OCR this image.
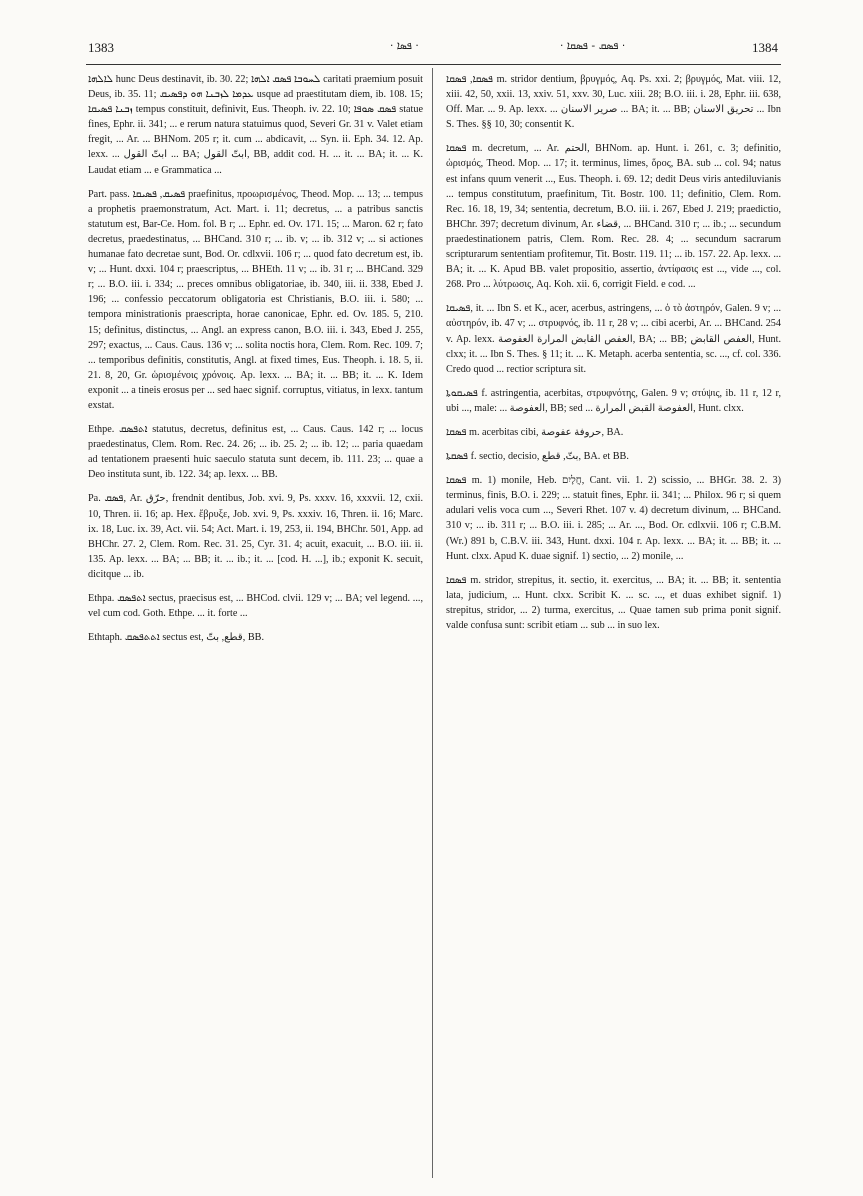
1383	· ܦܣܐ ·	· ܦܣܩ - ܦܣܩܐ ·	1384

ܠܐܠܗܐ hunc Deus destinavit, ib. 30. 22; ܠܚܘܒܐ ܦܣܩ ܐܠܗܐ caritati praemium posuit Deus, ib. 35. 11; ܥܕܡܐ ܠܙܒܢܐ ܗܘ ܕܦܣܝܩ usque ad praestitutam diem, ib. 108. 15; ܙܒܢܐ ܦܣܝܩܐ tempus constituit, definivit, Eus. Theoph. iv. 22. 10; ܦܣܩ ܣܘܦܐ statue fines, Ephr. ii. 341; ... e rerum natura statuimus quod, Severi Gr. 31 v. Valet etiam fregit, ... Ar. ... BHNom. 205 r; it. cum ... abdicavit, ... Syn. ii. Eph. 34. 12. Ap. lexx. ... ابتّ القول ... BA; ابتّ القول, BB, addit cod. H. ... it. ... BA; it. ... K. Laudat etiam ... e Grammatica ...

Part. pass. ܦܣܝܩ, ܦܣܝܩܐ praefinitus, προωρισμένος, Theod. Mop. ... 13; ... tempus a prophetis praemonstratum, Act. Mart. i. 11; decretus, ... a patribus sanctis statutum est, Bar-Ce. Hom. fol. B r; ... Ephr. ed. Ov. 171. 15; ... Maron. 62 r; fato decretus, praedestinatus, ... BHCand. 310 r; ... ib. v; ... ib. 312 v; ... si actiones humanae fato decretae sunt, Bod. Or. cdlxvii. 106 r; ... quod fato decretum est, ib. v; ... Hunt. dxxi. 104 r; praescriptus, ... BHEth. 11 v; ... ib. 31 r; ... BHCand. 329 r; ... B.O. iii. i. 334; ... preces omnibus obligatoriae, ib. 340, iii. ii. 338, Ebed J. 196; ... confessio peccatorum obligatoria est Christianis, B.O. iii. i. 580; ... tempora ministrationis praescripta, horae canonicae, Ephr. ed. Ov. 185. 5, 210. 15; definitus, distinctus, ... Angl. an express canon, B.O. iii. i. 343, Ebed J. 255, 297; exactus, ... Caus. Caus. 136 v; ... solita noctis hora, Clem. Rom. Rec. 109. 7; ... temporibus definitis, constitutis, Angl. at fixed times, Eus. Theoph. i. 18. 5, ii. 21. 8, 20, Gr. ὡρισμένοις χρόνοις. Ap. lexx. ... BA; it. ... BB; it. ... K. Idem exponit ... a tineis erosus per ... sed haec signif. corruptus, vitiatus, in lexx. tantum exstat.

Ethpe. ܐܬܦܣܩ statutus, decretus, definitus est, ... Caus. Caus. 142 r; ... locus praedestinatus, Clem. Rom. Rec. 24. 26; ... ib. 25. 2; ... ib. 12; ... paria quaedam ad tentationem praesenti huic saeculo statuta sunt decem, ib. 111. 23; ... quae a Deo instituta sunt, ib. 122. 34; ap. lexx. ... BB.

Pa. ܦܣܩ, Ar. حرّق, frendnit dentibus, Job. xvi. 9, Ps. xxxv. 16, xxxvii. 12, cxii. 10, Thren. ii. 16; ap. Hex. ἔβρυξε, Job. xvi. 9, Ps. xxxiv. 16, Thren. ii. 16; Marc. ix. 18, Luc. ix. 39, Act. vii. 54; Act. Mart. i. 19, 253, ii. 194, BHChr. 501, App. ad BHChr. 27. 2, Clem. Rom. Rec. 31. 25, Cyr. 31. 4; acuit, exacuit, ... B.O. iii. ii. 135. Ap. lexx. ... BA; ... BB; it. ... ib.; it. ... [cod. H. ...], ib.; exponit K. secuit, dicitque ... ib.

Ethpa. ܐܬܦܣܩ sectus, praecisus est, ... BHCod. clvii. 129 v; ... BA; vel legend. ..., vel cum cod. Goth. Ethpe. ... it. forte ...

Ethtaph. ܐܬܬܦܣܩ sectus est, قطع, بتّ, BB.

ܦܣܩܐ, ܦܣܩܐ m. stridor dentium, βρυγμός, Aq. Ps. xxi. 2; βρυγμός, Mat. viii. 12, xiii. 42, 50, xxii. 13, xxiv. 51, xxv. 30, Luc. xiii. 28; B.O. iii. i. 28, Ephr. iii. 638, Off. Mar. ... 9. Ap. lexx. ... صرير الاسنان ... BA; it. ... BB; تحريق الاسنان ... Ibn S. Thes. §§ 10, 30; consentit K.

ܦܣܩܐ m. decretum, ... Ar. الحتم, BHNom. ap. Hunt. i. 261, c. 3; definitio, ὡρισμός, Theod. Mop. ... 17; it. terminus, limes, ὅρος, BA. sub ... col. 94; natus est infans quum venerit ..., Eus. Theoph. i. 69. 12; dedit Deus viris antediluvianis ... tempus constitutum, praefinitum, Tit. Bostr. 100. 11; definitio, Clem. Rom. Rec. 16. 18, 19, 34; sententia, decretum, B.O. iii. i. 267, Ebed J. 219; praedictio, BHChr. 397; decretum divinum, Ar. قضاء, ... BHCand. 310 r; ... ib.; ... secundum praedestinationem patris, Clem. Rom. Rec. 28. 4; ... secundum sacrarum scripturarum sententiam profitemur, Tit. Bostr. 119. 11; ... ib. 157. 22. Ap. lexx. ... BA; it. ... K. Apud BB. valet propositio, assertio, ἀντίφασις est ..., vide ..., col. 268. Pro ... λύτρωσις, Aq. Koh. xii. 6, corrigit Field. e cod. ...

ܦܣܝܩܐ, it. ... Ibn S. et K., acer, acerbus, astringens, ... ὁ τὸ ἀστηρόν, Galen. 9 v; ... αὐστηρόν, ib. 47 v; ... στρυφνός, ib. 11 r, 28 v; ... cibi acerbi, Ar. ... BHCand. 254 v. Ap. lexx. العفص القابض المرارة العفوصة, BA; ... BB; العفص القابض, Hunt. clxx; it. ... Ibn S. Thes. § 11; it. ... K. Metaph. acerba sententia, sc. ..., cf. col. 336. Credo quod ... rectior scriptura sit.

ܦܣܝܩܘܬܐ f. astringentia, acerbitas, στρυφνότης, Galen. 9 v; στύψις, ib. 11 r, 12 r, ubi ..., male: ... العفوصة, BB; sed ... العفوصة القبض المرارة, Hunt. clxx.

ܦܣܩܐ m. acerbitas cibi, حروفة عفوصة, BA.

ܦܣܩܬܐ f. sectio, decisio, بتّ, قطع, BA. et BB.

ܦܣܩܐ m. 1) monile, Heb. חֲלָיִם, Cant. vii. 1. 2) scissio, ... BHGr. 38. 2. 3) terminus, finis, B.O. i. 229; ... statuit fines, Ephr. ii. 341; ... Philox. 96 r; si quem adulari velis voca cum ..., Severi Rhet. 107 v. 4) decretum divinum, ... BHCand. 310 v; ... ib. 311 r; ... B.O. iii. i. 285; ... Ar. ..., Bod. Or. cdlxvii. 106 r; C.B.M. (Wr.) 891 b, C.B.V. iii. 343, Hunt. dxxi. 104 r. Ap. lexx. ... BA; it. ... BB; it. ... Hunt. clxx. Apud K. duae signif. 1) sectio, ... 2) monile, ...

ܦܣܩܐ m. stridor, strepitus, it. sectio, it. exercitus, ... BA; it. ... BB; it. sententia lata, judicium, ... Hunt. clxx. Scribit K. ... sc. ..., et duas exhibet signif. 1) strepitus, stridor, ... 2) turma, exercitus, ... Quae tamen sub prima ponit signif. valde confusa sunt: scribit etiam ... sub ... in suo lex.
